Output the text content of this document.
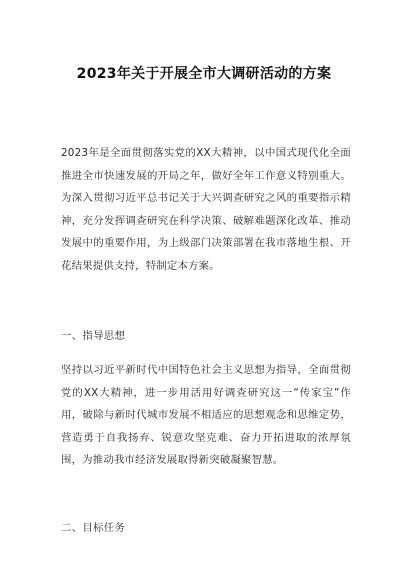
2023年关于开展全市大调研活动的方案

2023年是全面贯彻落实党的XX大精神，以中国式现代化全面推进全市快速发展的开局之年，做好全年工作意义特别重大。为深入贯彻习近平总书记关于大兴调查研究之风的重要指示精神，充分发挥调查研究在科学决策、破解难题深化改革、推动发展中的重要作用，为上级部门决策部署在我市落地生根、开花结果提供支持，特制定本方案。

一、指导思想

坚持以习近平新时代中国特色社会主义思想为指导，全面贯彻党的XX大精神，进一步用活用好调查研究这一“传家宝”作用，破除与新时代城市发展不相适应的思想观念和思维定势，营造勇于自我扬弃、锐意攻坚克难、奋力开拓进取的浓厚氛围，为推动我市经济发展取得新突破凝聚智慧。

二、目标任务
